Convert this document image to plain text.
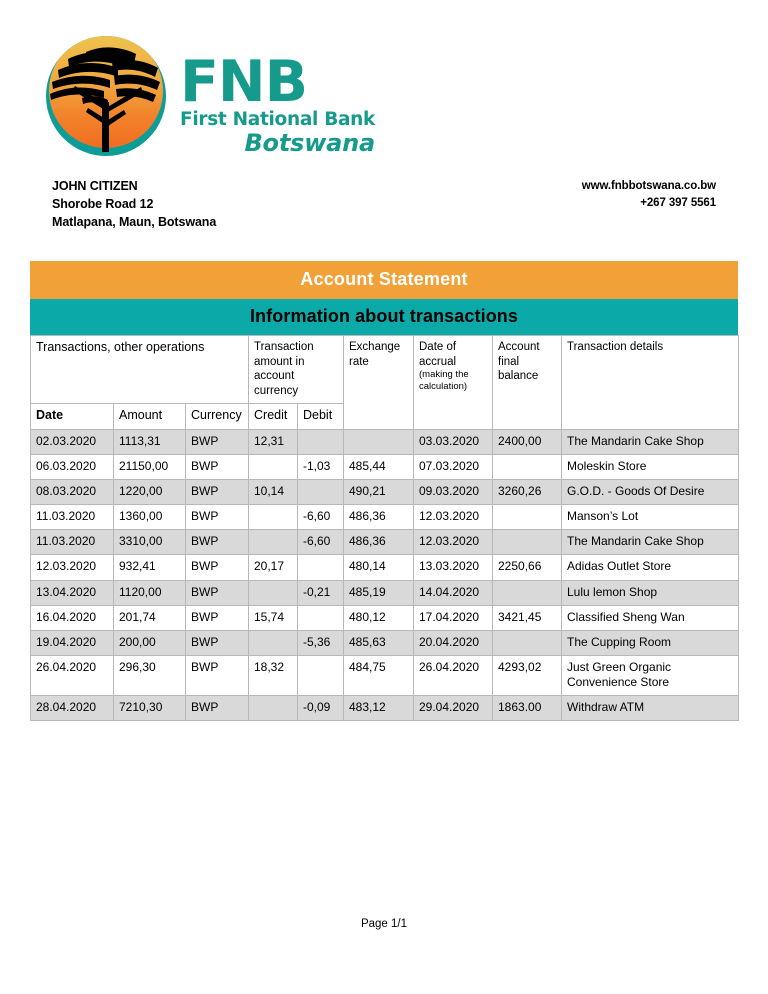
FNB
First National Bank
Botswana
JOHN CITIZEN
Shorobe Road 12
Matlapana, Maun, Botswana
www.fnbbotswana.co.bw
+267 397 5561
Account Statement
Information about transactions
Transactions, other operations			Transaction amount in account currency		Exchange rate	Date of accrual
(making the calculation)	Account final balance	Transaction details
Date	Amount	Currency	Credit	Debit				
02.03.2020	1113,31	BWP	12,31			03.03.2020	2400,00	The Mandarin Cake Shop
06.03.2020	21150,00	BWP		-1,03	485,44	07.03.2020		Moleskin Store
08.03.2020	1220,00	BWP	10,14		490,21	09.03.2020	3260,26	G.O.D. - Goods Of Desire
11.03.2020	1360,00	BWP		-6,60	486,36	12.03.2020		Manson’s Lot
11.03.2020	3310,00	BWP		-6,60	486,36	12.03.2020		The Mandarin Cake Shop
12.03.2020	932,41	BWP	20,17		480,14	13.03.2020	2250,66	Adidas Outlet Store
13.04.2020	1120,00	BWP		-0,21	485,19	14.04.2020		Lulu lemon Shop
16.04.2020	201,74	BWP	15,74		480,12	17.04.2020	3421,45	Classified Sheng Wan
19.04.2020	200,00	BWP		-5,36	485,63	20.04.2020		The Cupping Room
26.04.2020	296,30	BWP	18,32		484,75	26.04.2020	4293,02	Just Green Organic Convenience Store
28.04.2020	7210,30	BWP		-0,09	483,12	29.04.2020	1863.00	Withdraw ATM
Page 1/1
